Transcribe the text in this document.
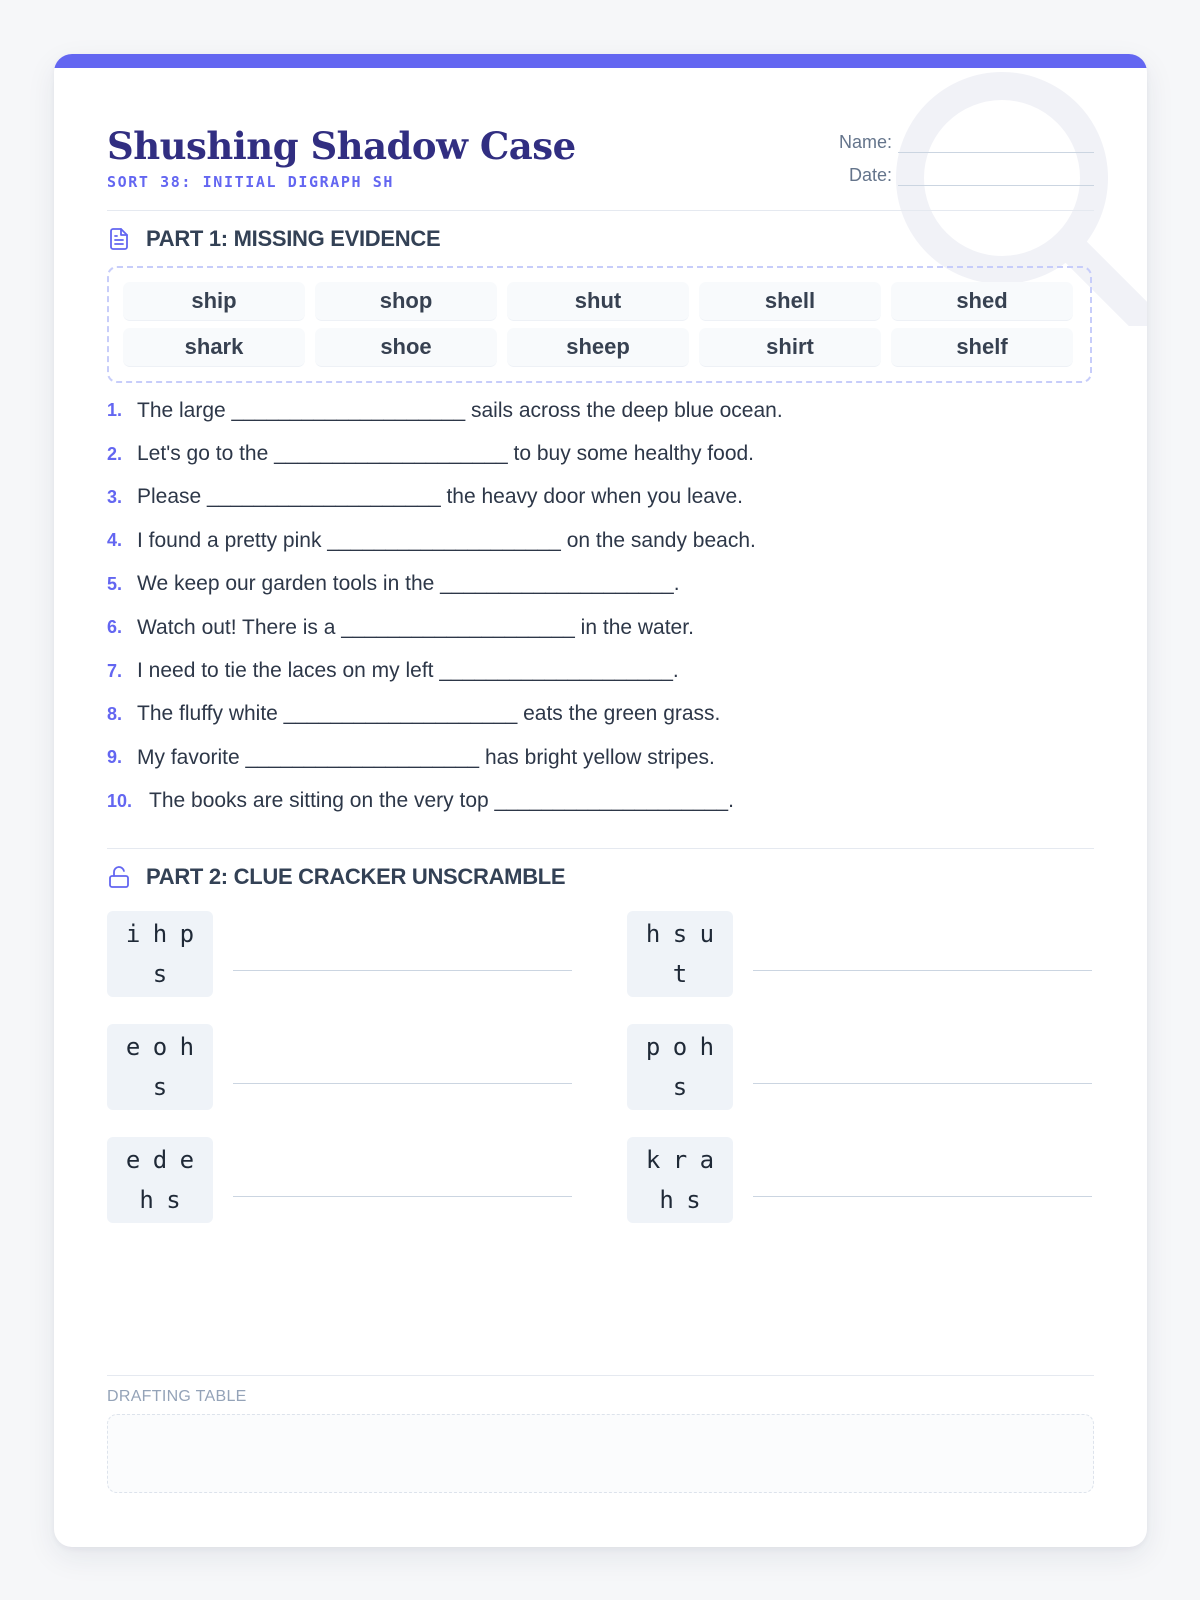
Shushing Shadow Case
SORT 38: INITIAL DIGRAPH SH
Name:
Date:
PART 1: MISSING EVIDENCE
ship	shop	shut	shell	shed
shark	shoe	sheep	shirt	shelf
1. The large ____________________ sails across the deep blue ocean.
2. Let's go to the ____________________ to buy some healthy food.
3. Please ____________________ the heavy door when you leave.
4. I found a pretty pink ____________________ on the sandy beach.
5. We keep our garden tools in the ____________________.
6. Watch out! There is a ____________________ in the water.
7. I need to tie the laces on my left ____________________.
8. The fluffy white ____________________ eats the green grass.
9. My favorite ____________________ has bright yellow stripes.
10. The books are sitting on the very top ____________________.
PART 2: CLUE CRACKER UNSCRAMBLE
i h p s
h s u t
e o h s
p o h s
e d e h s
k r a h s
DRAFTING TABLE
